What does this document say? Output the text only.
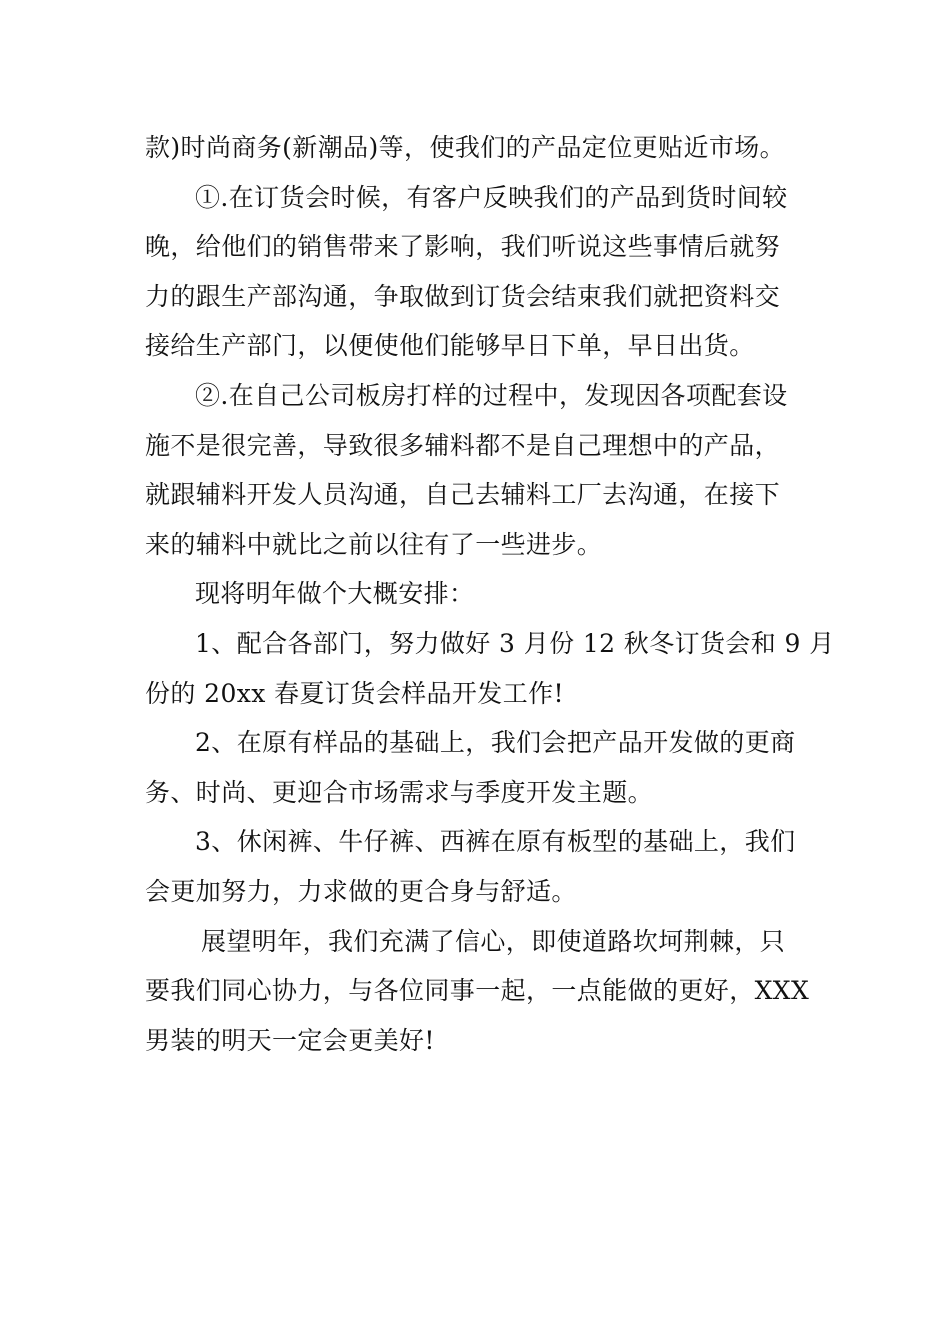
款)时尚商务(新潮品)等，使我们的产品定位更贴近市场。
①.在订货会时候，有客户反映我们的产品到货时间较
晚，给他们的销售带来了影响，我们听说这些事情后就努
力的跟生产部沟通，争取做到订货会结束我们就把资料交
接给生产部门，以便使他们能够早日下单，早日出货。
②.在自己公司板房打样的过程中，发现因各项配套设
施不是很完善，导致很多辅料都不是自己理想中的产品，
就跟辅料开发人员沟通，自己去辅料工厂去沟通，在接下
来的辅料中就比之前以往有了一些进步。
现将明年做个大概安排：
1、配合各部门，努力做好 3 月份 12 秋冬订货会和 9 月
份的 20xx 春夏订货会样品开发工作!
2、在原有样品的基础上，我们会把产品开发做的更商
务、时尚、更迎合市场需求与季度开发主题。
3、休闲裤、牛仔裤、西裤在原有板型的基础上，我们
会更加努力，力求做的更合身与舒适。
展望明年，我们充满了信心，即使道路坎坷荆棘，只
要我们同心协力，与各位同事一起，一点能做的更好，XXX
男装的明天一定会更美好!
